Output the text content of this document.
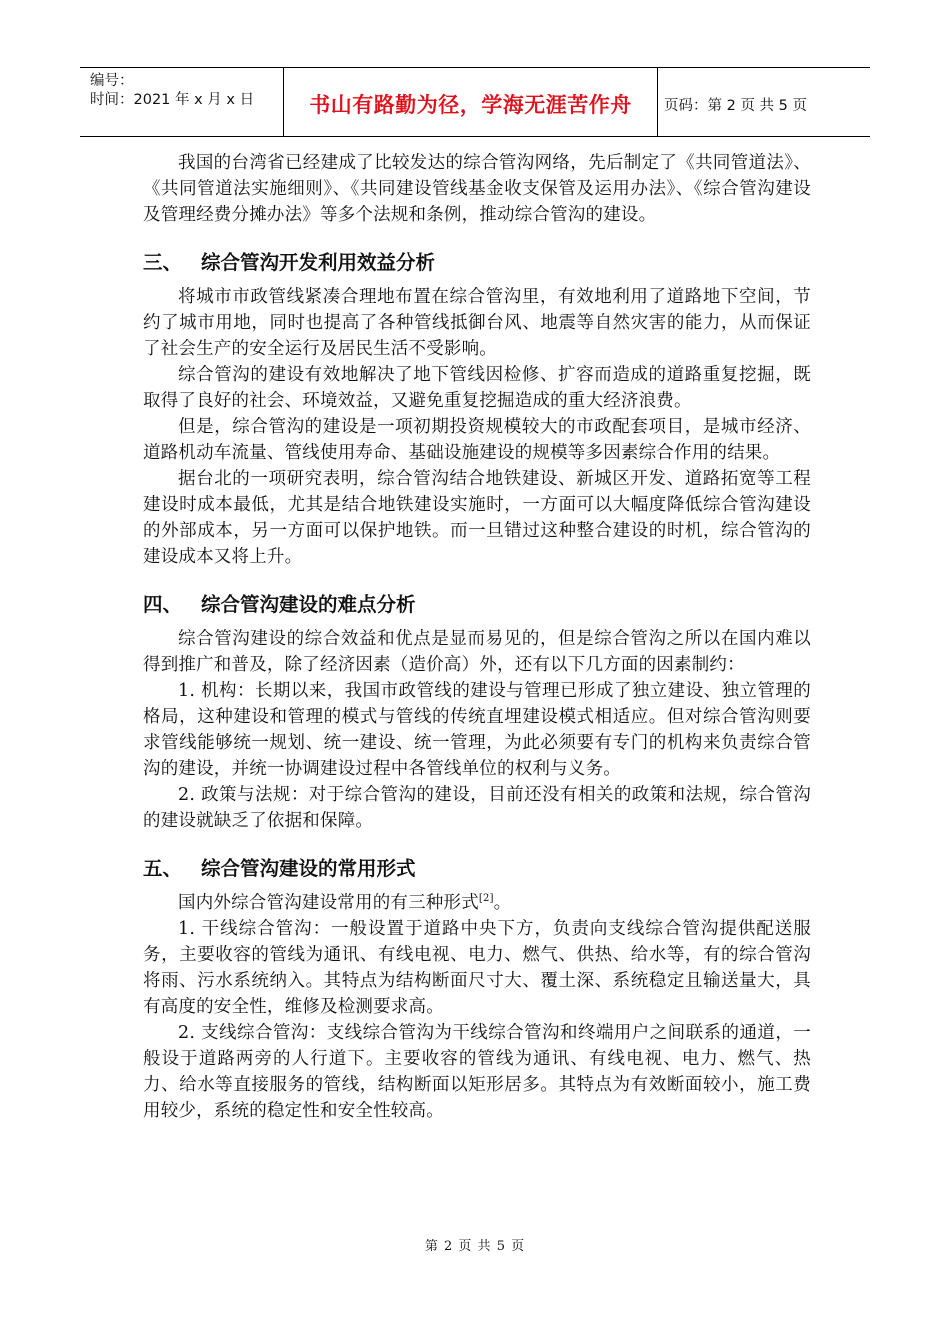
编号：
时间：2021 年 x 月 x 日	书山有路勤为径，学海无涯苦作舟	页码：第 2 页 共 5 页

我国的台湾省已经建成了比较发达的综合管沟网络，先后制定了《共同管道法》、《共同管道法实施细则》、《共同建设管线基金收支保管及运用办法》、《综合管沟建设及管理经费分摊办法》等多个法规和条例，推动综合管沟的建设。

三、 综合管沟开发利用效益分析

将城市市政管线紧凑合理地布置在综合管沟里，有效地利用了道路地下空间，节约了城市用地，同时也提高了各种管线抵御台风、地震等自然灾害的能力，从而保证了社会生产的安全运行及居民生活不受影响。

综合管沟的建设有效地解决了地下管线因检修、扩容而造成的道路重复挖掘，既取得了良好的社会、环境效益，又避免重复挖掘造成的重大经济浪费。

但是，综合管沟的建设是一项初期投资规模较大的市政配套项目，是城市经济、道路机动车流量、管线使用寿命、基础设施建设的规模等多因素综合作用的结果。

据台北的一项研究表明，综合管沟结合地铁建设、新城区开发、道路拓宽等工程建设时成本最低，尤其是结合地铁建设实施时，一方面可以大幅度降低综合管沟建设的外部成本，另一方面可以保护地铁。而一旦错过这种整合建设的时机，综合管沟的建设成本又将上升。

四、 综合管沟建设的难点分析

综合管沟建设的综合效益和优点是显而易见的，但是综合管沟之所以在国内难以得到推广和普及，除了经济因素（造价高）外，还有以下几方面的因素制约：

1. 机构：长期以来，我国市政管线的建设与管理已形成了独立建设、独立管理的格局，这种建设和管理的模式与管线的传统直埋建设模式相适应。但对综合管沟则要求管线能够统一规划、统一建设、统一管理，为此必须要有专门的机构来负责综合管沟的建设，并统一协调建设过程中各管线单位的权利与义务。

2. 政策与法规：对于综合管沟的建设，目前还没有相关的政策和法规，综合管沟的建设就缺乏了依据和保障。

五、 综合管沟建设的常用形式

国内外综合管沟建设常用的有三种形式[2]。

1. 干线综合管沟：一般设置于道路中央下方，负责向支线综合管沟提供配送服务，主要收容的管线为通讯、有线电视、电力、燃气、供热、给水等，有的综合管沟将雨、污水系统纳入。其特点为结构断面尺寸大、覆土深、系统稳定且输送量大，具有高度的安全性，维修及检测要求高。

2. 支线综合管沟：支线综合管沟为干线综合管沟和终端用户之间联系的通道，一般设于道路两旁的人行道下。主要收容的管线为通讯、有线电视、电力、燃气、热力、给水等直接服务的管线，结构断面以矩形居多。其特点为有效断面较小，施工费用较少，系统的稳定性和安全性较高。

第 2 页 共 5 页
